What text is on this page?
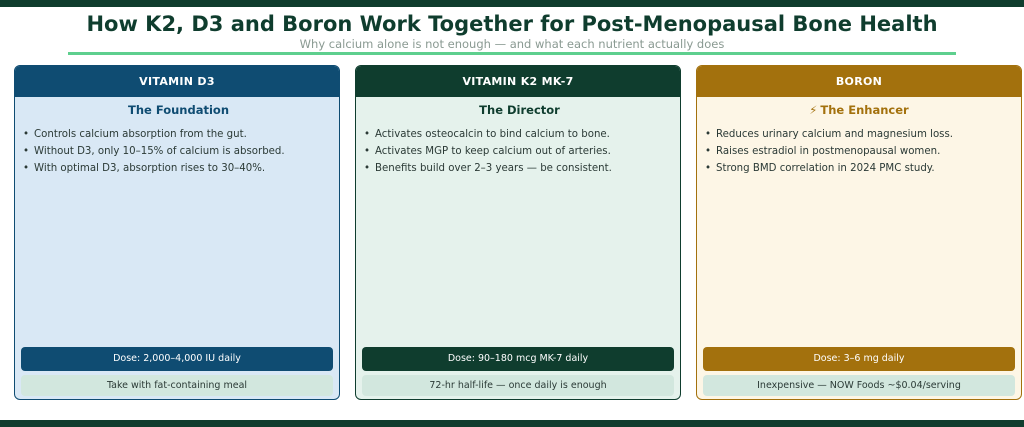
How K2, D3 and Boron Work Together for Post-Menopausal Bone Health
Why calcium alone is not enough — and what each nutrient actually does
VITAMIN D3
The Foundation
• Controls calcium absorption from the gut.
• Without D3, only 10–15% of calcium is absorbed.
• With optimal D3, absorption rises to 30–40%.
Dose: 2,000–4,000 IU daily
Take with fat-containing meal
VITAMIN K2 MK-7
The Director
• Activates osteocalcin to bind calcium to bone.
• Activates MGP to keep calcium out of arteries.
• Benefits build over 2–3 years — be consistent.
Dose: 90–180 mcg MK-7 daily
72-hr half-life — once daily is enough
BORON
⚡ The Enhancer
• Reduces urinary calcium and magnesium loss.
• Raises estradiol in postmenopausal women.
• Strong BMD correlation in 2024 PMC study.
Dose: 3–6 mg daily
Inexpensive — NOW Foods ~$0.04/serving
